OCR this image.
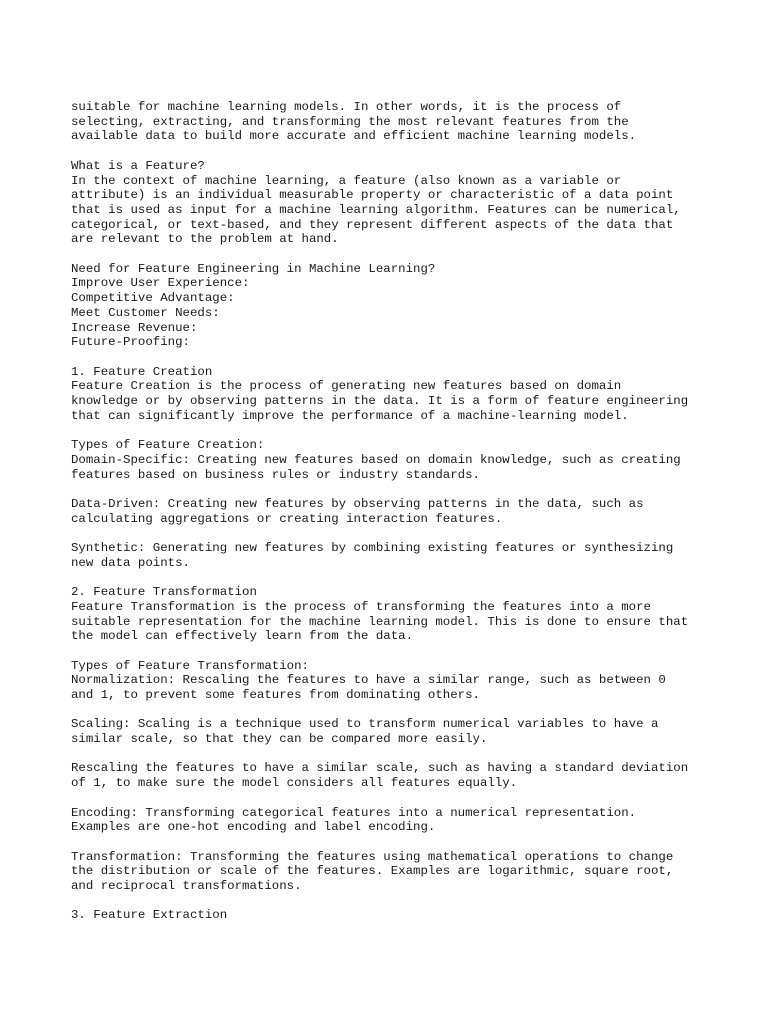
suitable for machine learning models. In other words, it is the process of
selecting, extracting, and transforming the most relevant features from the
available data to build more accurate and efficient machine learning models.
What is a Feature?
In the context of machine learning, a feature (also known as a variable or
attribute) is an individual measurable property or characteristic of a data point
that is used as input for a machine learning algorithm. Features can be numerical,
categorical, or text-based, and they represent different aspects of the data that
are relevant to the problem at hand.
Need for Feature Engineering in Machine Learning?
Improve User Experience:
Competitive Advantage:
Meet Customer Needs:
Increase Revenue:
Future-Proofing:
1. Feature Creation
Feature Creation is the process of generating new features based on domain
knowledge or by observing patterns in the data. It is a form of feature engineering
that can significantly improve the performance of a machine-learning model.
Types of Feature Creation:
Domain-Specific: Creating new features based on domain knowledge, such as creating
features based on business rules or industry standards.
Data-Driven: Creating new features by observing patterns in the data, such as
calculating aggregations or creating interaction features.
Synthetic: Generating new features by combining existing features or synthesizing
new data points.
2. Feature Transformation
Feature Transformation is the process of transforming the features into a more
suitable representation for the machine learning model. This is done to ensure that
the model can effectively learn from the data.
Types of Feature Transformation:
Normalization: Rescaling the features to have a similar range, such as between 0
and 1, to prevent some features from dominating others.
Scaling: Scaling is a technique used to transform numerical variables to have a
similar scale, so that they can be compared more easily.
Rescaling the features to have a similar scale, such as having a standard deviation
of 1, to make sure the model considers all features equally.
Encoding: Transforming categorical features into a numerical representation.
Examples are one-hot encoding and label encoding.
Transformation: Transforming the features using mathematical operations to change
the distribution or scale of the features. Examples are logarithmic, square root,
and reciprocal transformations.
3. Feature Extraction
